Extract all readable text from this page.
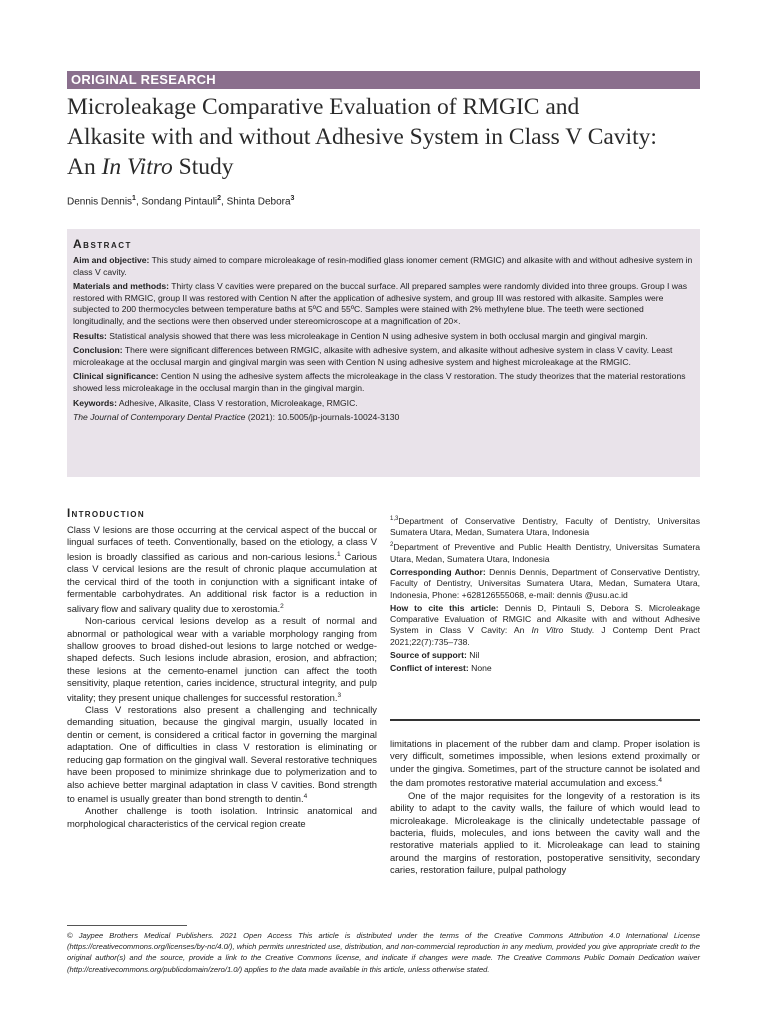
ORIGINAL RESEARCH
Microleakage Comparative Evaluation of RMGIC and
Alkasite with and without Adhesive System in Class V Cavity:
An In Vitro Study
Dennis Dennis$^1$, Sondang Pintauli$^2$, Shinta Debora$^3$
Abstract
Aim and objective: This study aimed to compare microleakage of resin-modified glass ionomer cement (RMGIC) and alkasite with and without adhesive system in class V cavity.
Materials and methods: Thirty class V cavities were prepared on the buccal surface. All prepared samples were randomly divided into three groups. Group I was restored with RMGIC, group II was restored with Cention N after the application of adhesive system, and group III was restored with alkasite. Samples were subjected to 200 thermocycles between temperature baths at 5ºC and 55ºC. Samples were stained with 2% methylene blue. The teeth were sectioned longitudinally, and the sections were then observed under stereomicroscope at a magnification of 20×.
Results: Statistical analysis showed that there was less microleakage in Cention N using adhesive system in both occlusal margin and gingival margin.
Conclusion: There were significant differences between RMGIC, alkasite with adhesive system, and alkasite without adhesive system in class V cavity. Least microleakage at the occlusal margin and gingival margin was seen with Cention N using adhesive system and highest microleakage at the RMGIC.
Clinical significance: Cention N using the adhesive system affects the microleakage in the class V restoration. The study theorizes that the material restorations showed less microleakage in the occlusal margin than in the gingival margin.
Keywords: Adhesive, Alkasite, Class V restoration, Microleakage, RMGIC.
The Journal of Contemporary Dental Practice (2021): 10.5005/jp-journals-10024-3130
Introduction

Class V lesions are those occurring at the cervical aspect of the buccal or lingual surfaces of teeth. Conventionally, based on the etiology, a class V lesion is broadly classified as carious and non-carious lesions.$^1$ Carious class V cervical lesions are the result of chronic plaque accumulation at the cervical third of the tooth in conjunction with a significant intake of fermentable carbohydrates. An additional risk factor is a reduction in salivary flow and salivary quality due to xerostomia.$^2$

Non-carious cervical lesions develop as a result of normal and abnormal or pathological wear with a variable morphology ranging from shallow grooves to broad dished-out lesions to large notched or wedge-shaped defects. Such lesions include abrasion, erosion, and abfraction; these lesions at the cemento-enamel junction can affect the tooth sensitivity, plaque retention, caries incidence, structural integrity, and pulp vitality; they present unique challenges for successful restoration.$^3$

Class V restorations also present a challenging and technically demanding situation, because the gingival margin, usually located in dentin or cement, is considered a critical factor in governing the marginal adaptation. One of difficulties in class V restoration is eliminating or reducing gap formation on the gingival wall. Several restorative techniques have been proposed to minimize shrinkage due to polymerization and to also achieve better marginal adaptation in class V cavities. Bond strength to enamel is usually greater than bond strength to dentin.$^4$

Another challenge is tooth isolation. Intrinsic anatomical and morphological characteristics of the cervical region create

$^{1,3}$Department of Conservative Dentistry, Faculty of Dentistry, Universitas Sumatera Utara, Medan, Sumatera Utara, Indonesia
$^2$Department of Preventive and Public Health Dentistry, Universitas Sumatera Utara, Medan, Sumatera Utara, Indonesia
Corresponding Author: Dennis Dennis, Department of Conservative Dentistry, Faculty of Dentistry, Universitas Sumatera Utara, Medan, Sumatera Utara, Indonesia, Phone: +628126555068, e-mail: dennis @usu.ac.id
How to cite this article: Dennis D, Pintauli S, Debora S. Microleakage Comparative Evaluation of RMGIC and Alkasite with and without Adhesive System in Class V Cavity: An In Vitro Study. J Contemp Dent Pract 2021;22(7):735–738.
Source of support: Nil
Conflict of interest: None

limitations in placement of the rubber dam and clamp. Proper isolation is very difficult, sometimes impossible, when lesions extend proximally or under the gingiva. Sometimes, part of the structure cannot be isolated and the dam promotes restorative material accumulation and excess.$^4$

One of the major requisites for the longevity of a restoration is its ability to adapt to the cavity walls, the failure of which would lead to microleakage. Microleakage is the clinically undetectable passage of bacteria, fluids, molecules, and ions between the cavity wall and the restorative materials applied to it. Microleakage can lead to staining around the margins of restoration, postoperative sensitivity, secondary caries, restoration failure, pulpal pathology

© Jaypee Brothers Medical Publishers. 2021 Open Access This article is distributed under the terms of the Creative Commons Attribution 4.0 International License (https://creativecommons.org/licenses/by-nc/4.0/), which permits unrestricted use, distribution, and non-commercial reproduction in any medium, provided you give appropriate credit to the original author(s) and the source, provide a link to the Creative Commons license, and indicate if changes were made. The Creative Commons Public Domain Dedication waiver (http://creativecommons.org/publicdomain/zero/1.0/) applies to the data made available in this article, unless otherwise stated.
